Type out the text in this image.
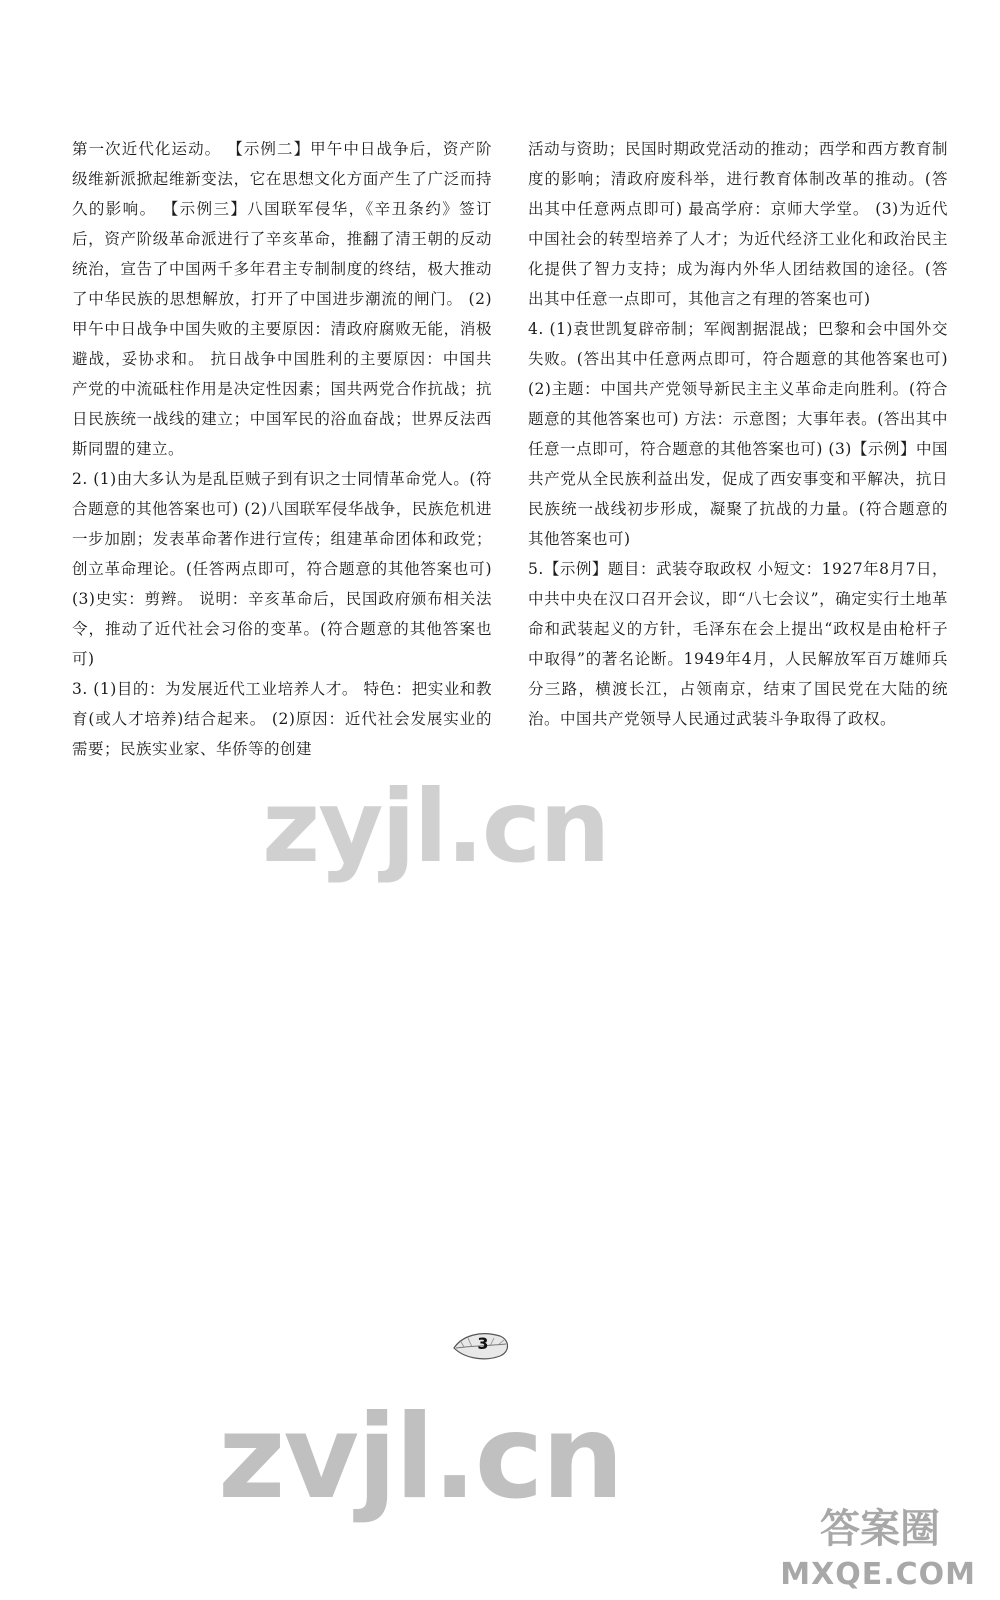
第一次近代化运动。 【示例二】甲午中日战争后，资产阶级维新派掀起维新变法，它在思想文化方面产生了广泛而持久的影响。 【示例三】八国联军侵华，《辛丑条约》签订后，资产阶级革命派进行了辛亥革命，推翻了清王朝的反动统治，宣告了中国两千多年君主专制制度的终结，极大推动了中华民族的思想解放，打开了中国进步潮流的闸门。 (2)甲午中日战争中国失败的主要原因：清政府腐败无能，消极避战，妥协求和。 抗日战争中国胜利的主要原因：中国共产党的中流砥柱作用是决定性因素；国共两党合作抗战；抗日民族统一战线的建立；中国军民的浴血奋战；世界反法西斯同盟的建立。

2. (1)由大多认为是乱臣贼子到有识之士同情革命党人。(符合题意的其他答案也可) (2)八国联军侵华战争，民族危机进一步加剧；发表革命著作进行宣传；组建革命团体和政党；创立革命理论。(任答两点即可，符合题意的其他答案也可) (3)史实：剪辫。 说明：辛亥革命后，民国政府颁布相关法令，推动了近代社会习俗的变革。(符合题意的其他答案也可)

3. (1)目的：为发展近代工业培养人才。 特色：把实业和教育(或人才培养)结合起来。 (2)原因：近代社会发展实业的需要；民族实业家、华侨等的创建

活动与资助；民国时期政党活动的推动；西学和西方教育制度的影响；清政府废科举，进行教育体制改革的推动。(答出其中任意两点即可) 最高学府：京师大学堂。 (3)为近代中国社会的转型培养了人才；为近代经济工业化和政治民主化提供了智力支持；成为海内外华人团结救国的途径。(答出其中任意一点即可，其他言之有理的答案也可)

4. (1)袁世凯复辟帝制；军阀割据混战；巴黎和会中国外交失败。(答出其中任意两点即可，符合题意的其他答案也可) (2)主题：中国共产党领导新民主主义革命走向胜利。(符合题意的其他答案也可) 方法：示意图；大事年表。(答出其中任意一点即可，符合题意的其他答案也可) (3)【示例】中国共产党从全民族利益出发，促成了西安事变和平解决，抗日民族统一战线初步形成，凝聚了抗战的力量。(符合题意的其他答案也可)

5.【示例】题目：武装夺取政权 小短文：1927年8月7日，中共中央在汉口召开会议，即“八七会议”，确定实行土地革命和武装起义的方针，毛泽东在会上提出“政权是由枪杆子中取得”的著名论断。1949年4月，人民解放军百万雄师兵分三路，横渡长江，占领南京，结束了国民党在大陆的统治。中国共产党领导人民通过武装斗争取得了政权。

zyjl.cn
zvjl.cn
答案圈
MXQE.COM
3
